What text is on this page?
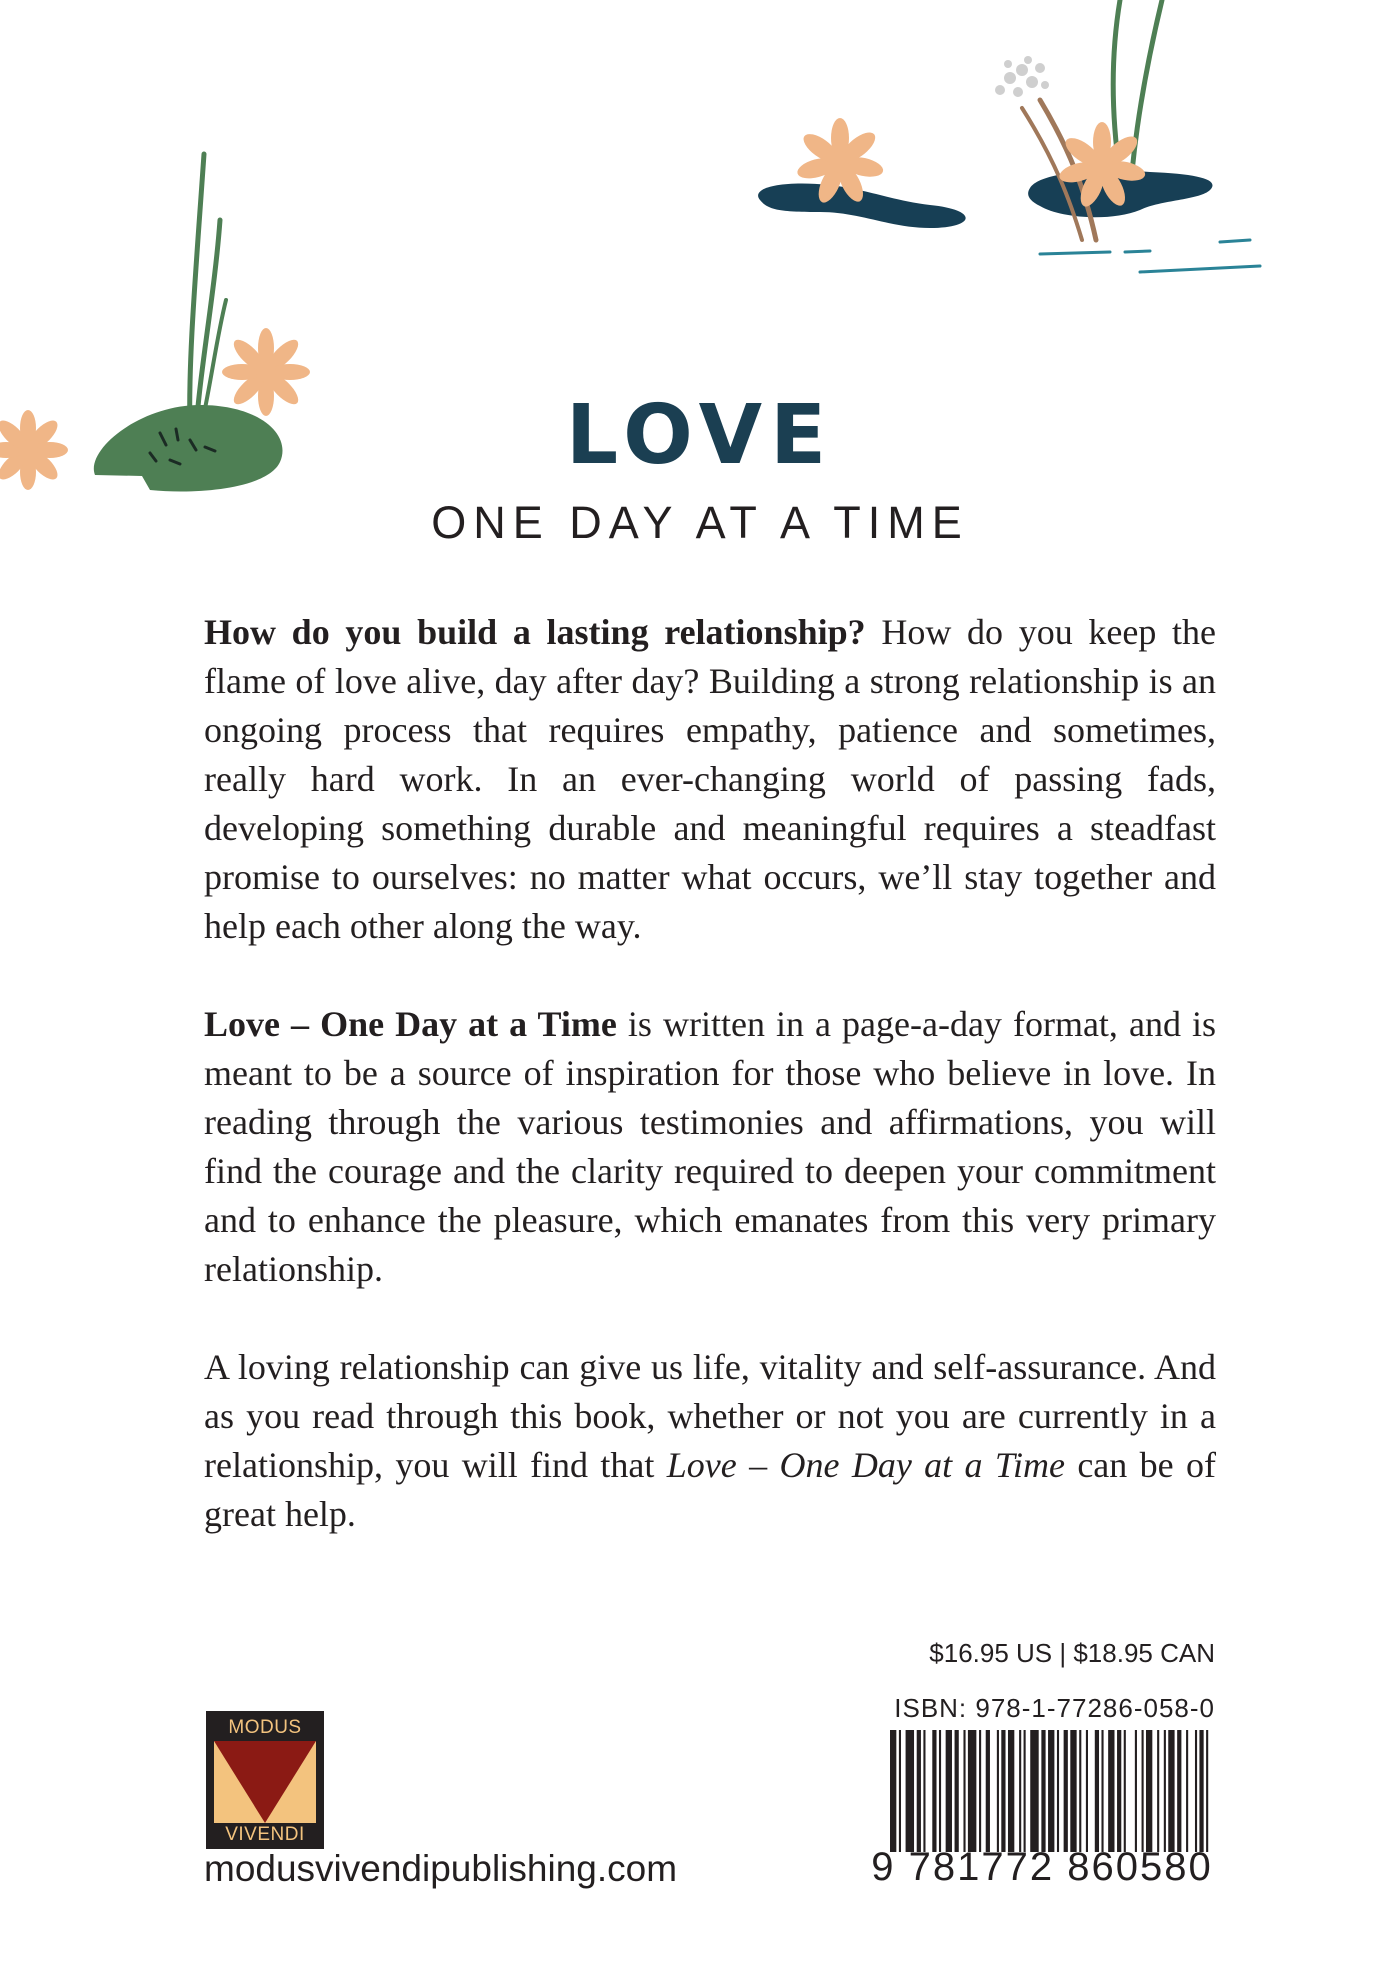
LOVE
ONE DAY AT A TIME

How do you build a lasting relationship? How do you keep the flame of love alive, day after day? Building a strong relationship is an ongoing process that requires empathy, patience and sometimes, really hard work. In an ever-changing world of passing fads, developing something durable and meaningful requires a steadfast promise to ourselves: no matter what occurs, we’ll stay together and help each other along the way.

Love – One Day at a Time is written in a page-a-day format, and is meant to be a source of inspiration for those who believe in love. In reading through the various testimonies and affirmations, you will find the courage and the clarity required to deepen your commitment and to enhance the pleasure, which emanates from this very primary relationship.

A loving relationship can give us life, vitality and self-assurance. And as you read through this book, whether or not you are currently in a relationship, you will find that Love – One Day at a Time can be of great help.

$16.95 US | $18.95 CAN
ISBN: 978-1-77286-058-0
9 781772 860580
MODUS
VIVENDI
modusvivendipublishing.com
